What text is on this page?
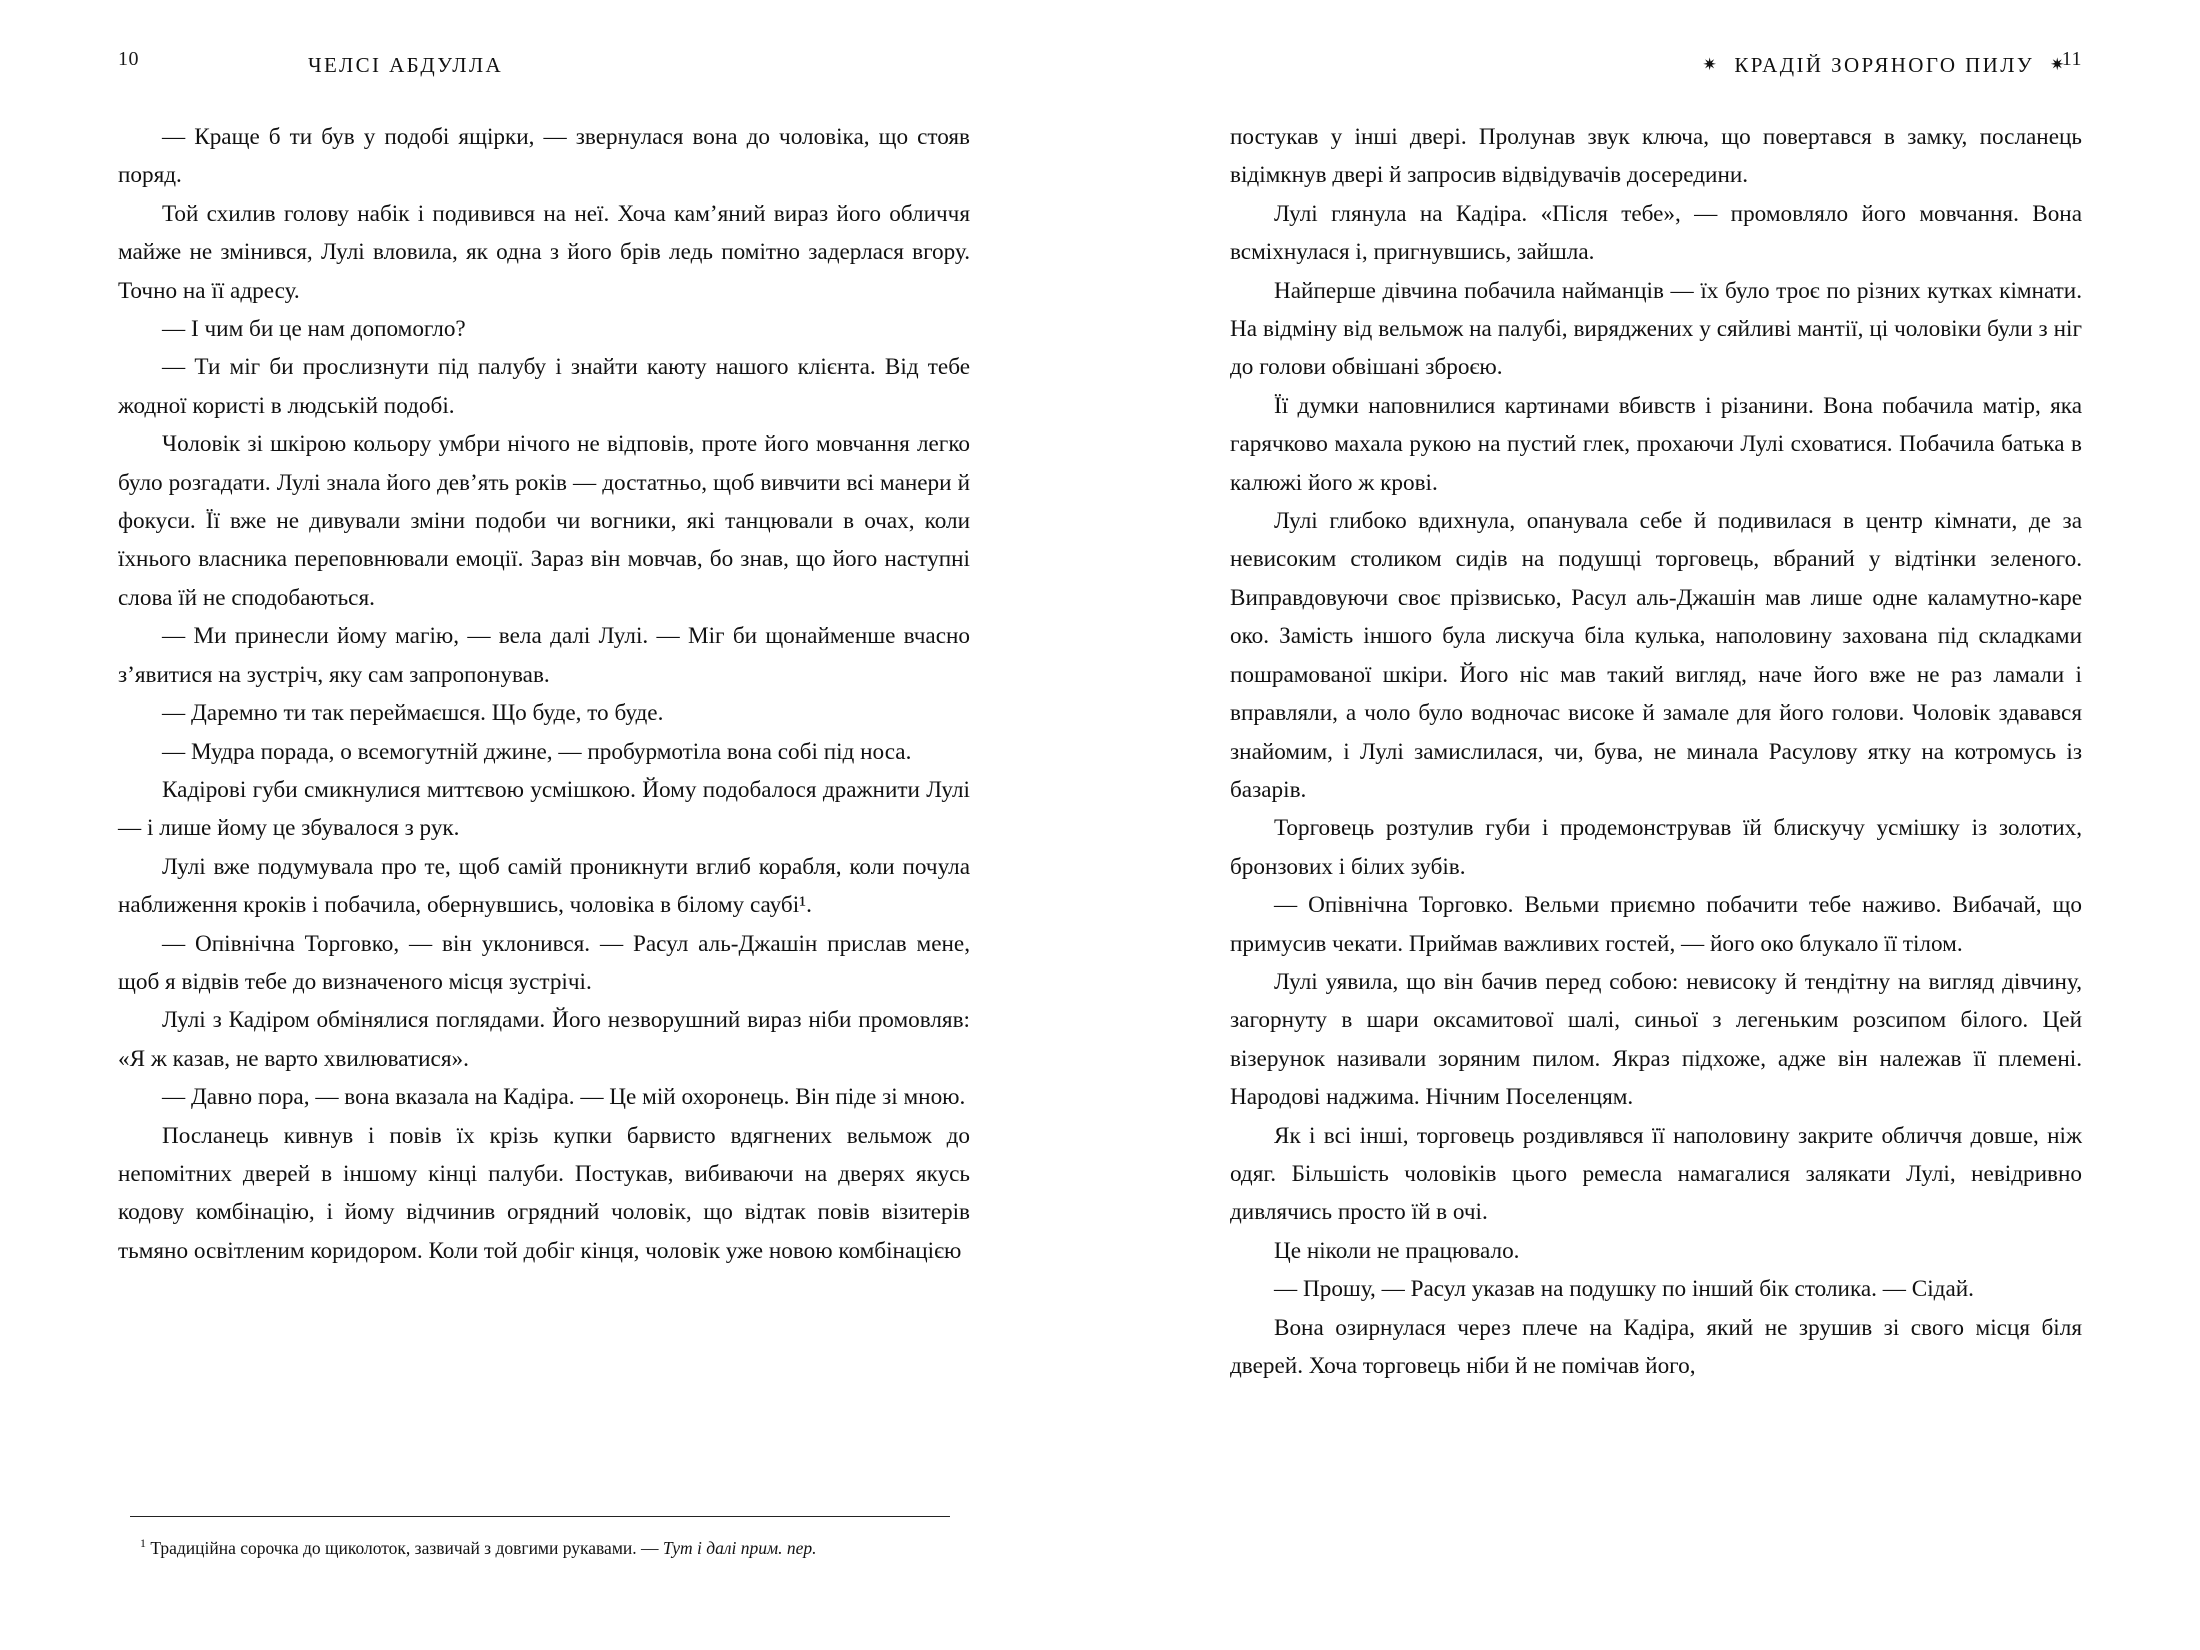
10	ЧЕЛСІ АБДУЛЛА

— Краще б ти був у подобі ящірки, — звернулася вона до чоловіка, що стояв поряд.

Той схилив голову набік і подивився на неї. Хоча кам’яний вираз його обличчя майже не змінився, Лулі вловила, як одна з його брів ледь помітно задерлася вгору. Точно на її адресу.

— І чим би це нам допомогло?

— Ти міг би прослизнути під палубу і знайти каюту нашого клієнта. Від тебе жодної користі в людській подобі.

Чоловік зі шкірою кольору умбри нічого не відповів, проте його мовчання легко було розгадати. Лулі знала його дев’ять років — достатньо, щоб вивчити всі манери й фокуси. Її вже не дивували зміни подоби чи вогники, які танцювали в очах, коли їхнього власника переповнювали емоції. Зараз він мовчав, бо знав, що його наступні слова їй не сподобаються.

— Ми принесли йому магію, — вела далі Лулі. — Міг би щонайменше вчасно з’явитися на зустріч, яку сам запропонував.

— Даремно ти так переймаєшся. Що буде, то буде.

— Мудра порада, о всемогутній джине, — пробурмотіла вона собі під носа.

Кадірові губи смикнулися миттєвою усмішкою. Йому подобалося дражнити Лулі — і лише йому це збувалося з рук.

Лулі вже подумувала про те, щоб самій проникнути вглиб корабля, коли почула наближення кроків і побачила, обернувшись, чоловіка в білому саубі¹.

— Опівнічна Торговко, — він уклонився. — Расул аль-Джашін прислав мене, щоб я відвів тебе до визначеного місця зустрічі.

Лулі з Кадіром обмінялися поглядами. Його незворушний вираз ніби промовляв: «Я ж казав, не варто хвилюватися».

— Давно пора, — вона вказала на Кадіра. — Це мій охоронець. Він піде зі мною.

Посланець кивнув і повів їх крізь купки барвисто вдягнених вельмож до непомітних дверей в іншому кінці палуби. Постукав, вибиваючи на дверях якусь кодову комбінацію, і йому відчинив огрядний чоловік, що відтак повів візитерів тьмяно освітленим коридором. Коли той добіг кінця, чоловік уже новою комбінацією

$^1$ Традиційна сорочка до щиколоток, зазвичай з довгими рукавами. — Тут і далі прим. пер.
11
✷ КРАДІЙ ЗОРЯНОГО ПИЛУ ✷

постукав у інші двері. Пролунав звук ключа, що повертався в замку, посланець відімкнув двері й запросив відвідувачів досередини.

Лулі глянула на Кадіра. «Після тебе», — промовляло його мовчання. Вона всміхнулася і, пригнувшись, зайшла.

Найперше дівчина побачила найманців — їх було троє по різних кутках кімнати. На відміну від вельмож на палубі, виряджених у сяйливі мантії, ці чоловіки були з ніг до голови обвішані зброєю.

Її думки наповнилися картинами вбивств і різанини. Вона побачила матір, яка гарячково махала рукою на пустий глек, прохаючи Лулі сховатися. Побачила батька в калюжі його ж крові.

Лулі глибоко вдихнула, опанувала себе й подивилася в центр кімнати, де за невисоким столиком сидів на подушці торговець, вбраний у відтінки зеленого. Виправдовуючи своє прізвисько, Расул аль-Джашін мав лише одне каламутно-каре око. Замість іншого була лискуча біла кулька, наполовину захована під складками пошрамованої шкіри. Його ніс мав такий вигляд, наче його вже не раз ламали і вправляли, а чоло було водночас високе й замале для його голови. Чоловік здавався знайомим, і Лулі замислилася, чи, бува, не минала Расулову ятку на котромусь із базарів.

Торговець розтулив губи і продемонстрував їй блискучу усмішку із золотих, бронзових і білих зубів.

— Опівнічна Торговко. Вельми приємно побачити тебе наживо. Вибачай, що примусив чекати. Приймав важливих гостей, — його око блукало її тілом.

Лулі уявила, що він бачив перед собою: невисоку й тендітну на вигляд дівчину, загорнуту в шари оксамитової шалі, синьої з легеньким розсипом білого. Цей візерунок називали зоряним пилом. Якраз підхоже, адже він належав її племені. Народові наджима. Нічним Поселенцям.

Як і всі інші, торговець роздивлявся її наполовину закрите обличчя довше, ніж одяг. Більшість чоловіків цього ремесла намагалися залякати Лулі, невідривно дивлячись просто їй в очі.

Це ніколи не працювало.

— Прошу, — Расул указав на подушку по інший бік столика. — Сідай.

Вона озирнулася через плече на Кадіра, який не зрушив зі свого місця біля дверей. Хоча торговець ніби й не помічав його,
